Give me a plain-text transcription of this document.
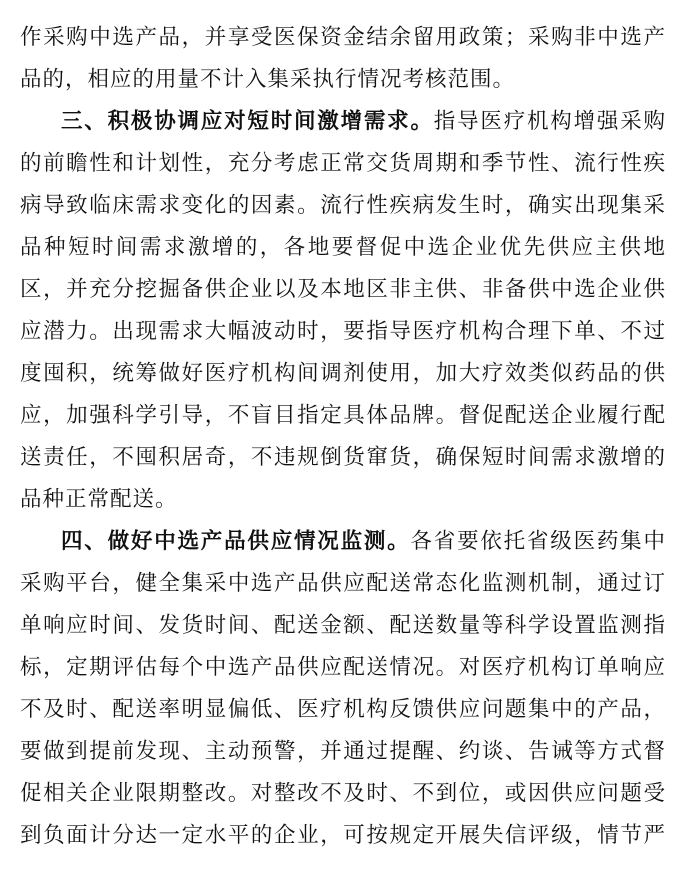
作采购中选产品，并享受医保资金结余留用政策；采购非中选产
品的，相应的用量不计入集采执行情况考核范围。
三、积极协调应对短时间激增需求。指导医疗机构增强采购
的前瞻性和计划性，充分考虑正常交货周期和季节性、流行性疾
病导致临床需求变化的因素。流行性疾病发生时，确实出现集采
品种短时间需求激增的，各地要督促中选企业优先供应主供地
区，并充分挖掘备供企业以及本地区非主供、非备供中选企业供
应潜力。出现需求大幅波动时，要指导医疗机构合理下单、不过
度囤积，统筹做好医疗机构间调剂使用，加大疗效类似药品的供
应，加强科学引导，不盲目指定具体品牌。督促配送企业履行配
送责任，不囤积居奇，不违规倒货窜货，确保短时间需求激增的
品种正常配送。
四、做好中选产品供应情况监测。各省要依托省级医药集中
采购平台，健全集采中选产品供应配送常态化监测机制，通过订
单响应时间、发货时间、配送金额、配送数量等科学设置监测指
标，定期评估每个中选产品供应配送情况。对医疗机构订单响应
不及时、配送率明显偏低、医疗机构反馈供应问题集中的产品，
要做到提前发现、主动预警，并通过提醒、约谈、告诫等方式督
促相关企业限期整改。对整改不及时、不到位，或因供应问题受
到负面计分达一定水平的企业，可按规定开展失信评级，情节严
